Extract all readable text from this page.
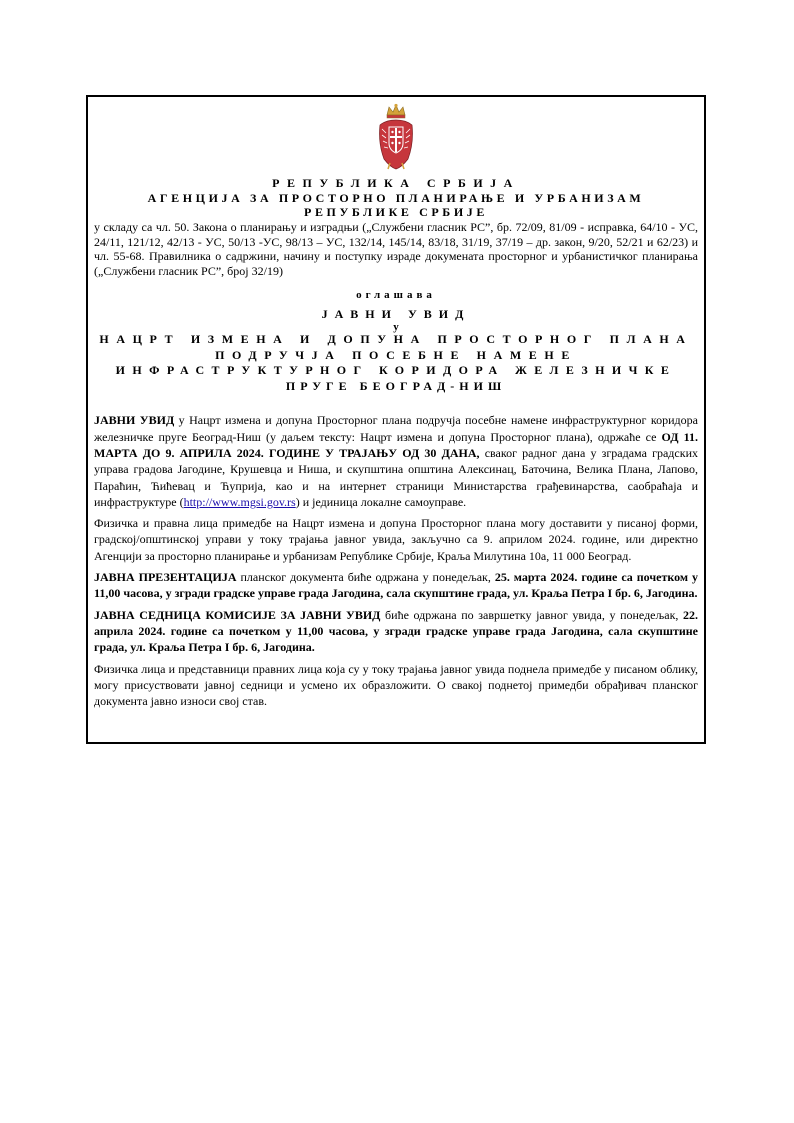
РЕПУБЛИКА СРБИЈА
АГЕНЦИЈА ЗА ПРОСТОРНО ПЛАНИРАЊЕ И УРБАНИЗАМ
РЕПУБЛИКЕ СРБИЈЕ
у складу са чл. 50. Закона о планирању и изградњи („Службени гласник РС”, бр. 72/09, 81/09 - исправка, 64/10 - УС, 24/11, 121/12, 42/13 - УС, 50/13 -УС, 98/13 – УС, 132/14, 145/14, 83/18, 31/19, 37/19 – др. закон, 9/20, 52/21 и 62/23) и чл. 55-68. Правилника о садржини, начину и поступку израде докумената просторног и урбанистичког планирања („Службени гласник РС”, број 32/19)
оглашава
ЈАВНИ УВИД
у
НАЦРТ ИЗМЕНА И ДОПУНА ПРОСТОРНОГ ПЛАНА
ПОДРУЧЈА ПОСЕБНЕ НАМЕНЕ
ИНФРАСТРУКТУРНОГ КОРИДОРА ЖЕЛЕЗНИЧКЕ
ПРУГЕ БЕОГРАД-НИШ

ЈАВНИ УВИД у Нацрт измена и допуна Просторног плана подручја посебне намене инфраструктурног коридора железничке пруге Београд-Ниш (у даљем тексту: Нацрт измена и допуна Просторног плана), одржаће се ОД 11. МАРТА ДО 9. АПРИЛА 2024. ГОДИНЕ У ТРАЈАЊУ ОД 30 ДАНА, сваког радног дана у зградама градских управа градова Јагодине, Крушевца и Ниша, и скупштина општина Алексинац, Баточина, Велика Плана, Лапово, Параћин, Ћићевац и Ћуприја, као и на интернет страници Министарства грађевинарства, саобраћаја и инфраструктуре (http://www.mgsi.gov.rs) и јединица локалне самоуправе.

Физичка и правна лица примедбе на Нацрт измена и допуна Просторног плана могу доставити у писаној форми, градској/општинској управи у току трајања јавног увида, закључно са 9. априлом 2024. године, или директно Агенцији за просторно планирање и урбанизам Републике Србије, Краља Милутина 10а, 11 000 Београд.

ЈАВНА ПРЕЗЕНТАЦИЈА планског документа биће одржана у понедељак, 25. марта 2024. године са почетком у 11,00 часова, у згради градске управе града Јагодина, сала скупштине града, ул. Краља Петра I бр. 6, Јагодина.

ЈАВНА СЕДНИЦА КОМИСИЈЕ ЗА ЈАВНИ УВИД биће одржана по завршетку јавног увида, у понедељак, 22. априла 2024. године са почетком у 11,00 часова, у згради градске управе града Јагодина, сала скупштине града, ул. Краља Петра I бр. 6, Јагодина.

Физичка лица и представници правних лица која су у току трајања јавног увида поднела примедбе у писаном облику, могу присуствовати јавној седници и усмено их образложити. О свакој поднетој примедби обрађивач планског документа јавно износи свој став.
